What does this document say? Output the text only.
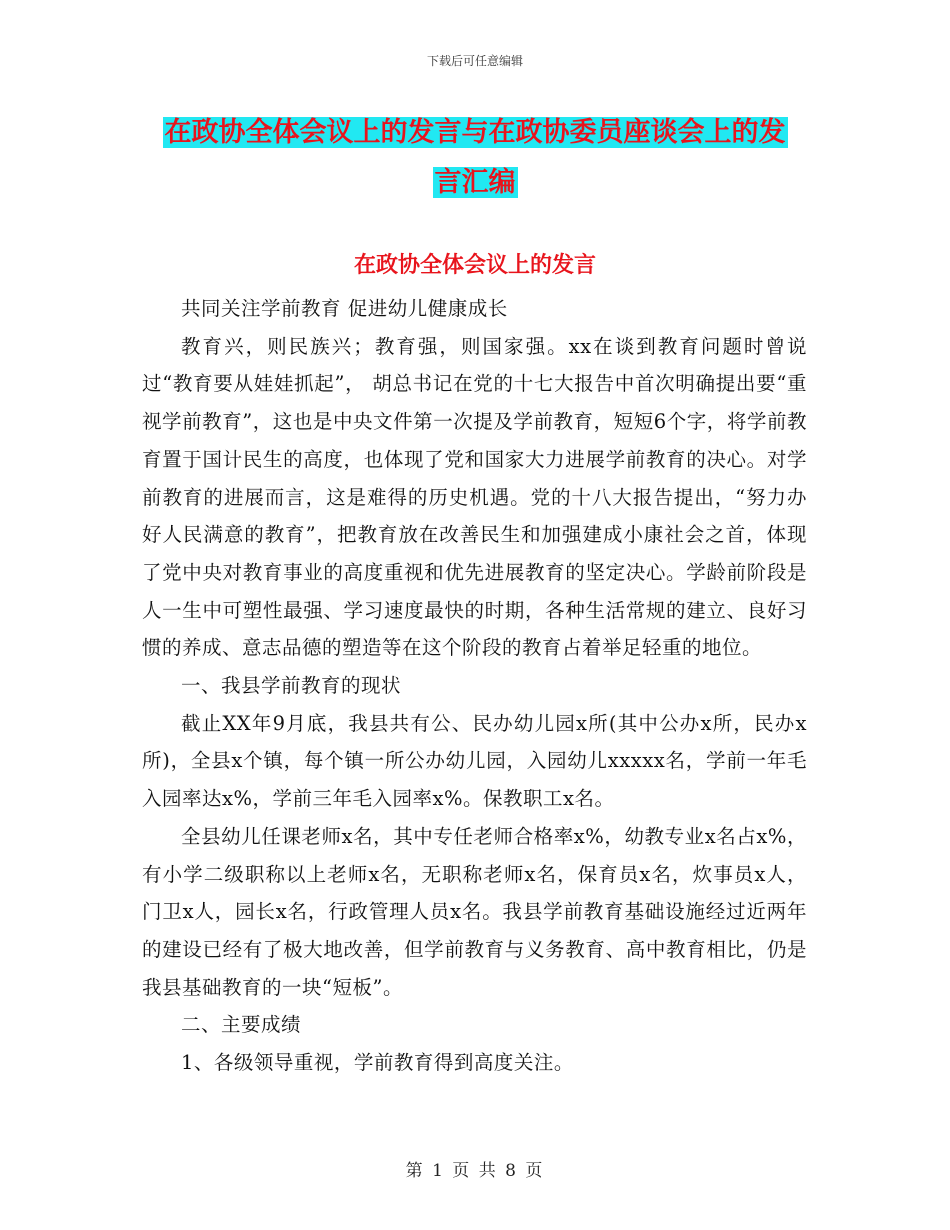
下载后可任意编辑
在政协全体会议上的发言与在政协委员座谈会上的发
言汇编
在政协全体会议上的发言

共同关注学前教育 促进幼儿健康成长

教育兴，则民族兴；教育强，则国家强。xx在谈到教育问题时曾说过“教育要从娃娃抓起”， 胡总书记在党的十七大报告中首次明确提出要“重视学前教育”，这也是中央文件第一次提及学前教育，短短6个字，将学前教育置于国计民生的高度，也体现了党和国家大力进展学前教育的决心。对学前教育的进展而言，这是难得的历史机遇。党的十八大报告提出，“努力办好人民满意的教育”，把教育放在改善民生和加强建成小康社会之首，体现了党中央对教育事业的高度重视和优先进展教育的坚定决心。学龄前阶段是人一生中可塑性最强、学习速度最快的时期，各种生活常规的建立、良好习惯的养成、意志品德的塑造等在这个阶段的教育占着举足轻重的地位。

一、我县学前教育的现状

截止XX年9月底，我县共有公、民办幼儿园x所(其中公办x所，民办x所)，全县x个镇，每个镇一所公办幼儿园，入园幼儿xxxxx名，学前一年毛入园率达x%，学前三年毛入园率x%。保教职工x名。

全县幼儿任课老师x名，其中专任老师合格率x%，幼教专业x名占x%，有小学二级职称以上老师x名，无职称老师x名，保育员x名，炊事员x人，门卫x人，园长x名，行政管理人员x名。我县学前教育基础设施经过近两年的建设已经有了极大地改善，但学前教育与义务教育、高中教育相比，仍是我县基础教育的一块“短板”。

二、主要成绩

1、各级领导重视，学前教育得到高度关注。

第 1 页 共 8 页
